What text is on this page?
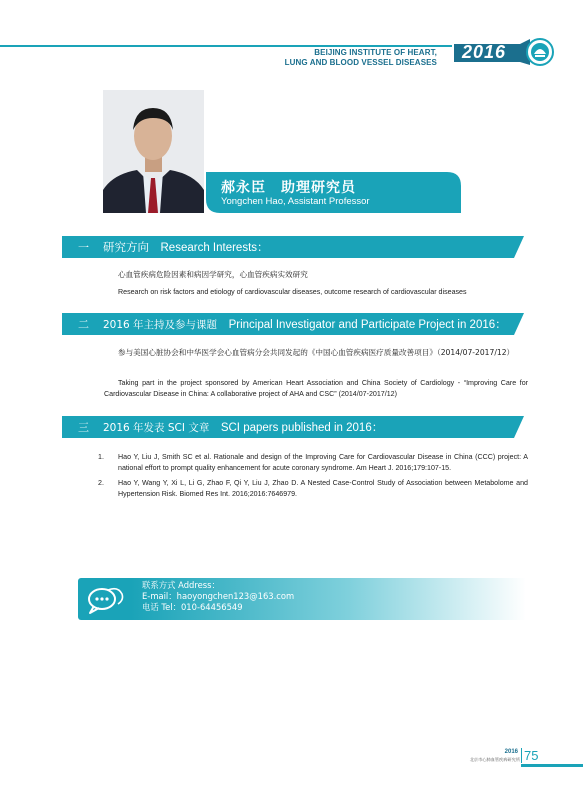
BEIJING INSTITUTE OF HEART,
LUNG AND BLOOD VESSEL DISEASES
2016
郝永臣　助理研究员
Yongchen Hao, Assistant Professor
一 研究方向　Research Interests：
心血管疾病危险因素和病因学研究，心血管疾病实效研究
Research on risk factors and etiology of cardiovascular diseases, outcome research of cardiovascular diseases
二 2016 年主持及参与课题  Principal Investigator and Participate Project in 2016：
参与美国心脏协会和中华医学会心血管病分会共同发起的《中国心血管疾病医疗质量改善项目》（2014/07-2017/12）
Taking part in the project sponsored by American Heart Association and China Society of Cardiology - “Improving Care for Cardiovascular Disease in China: A collaborative project of AHA and CSC” (2014/07-2017/12)
三 2016 年发表 SCI 文章  SCI papers published in 2016：
1. Hao Y, Liu J, Smith SC et al. Rationale and design of the Improving Care for Cardiovascular Disease in China (CCC) project: A national effort to prompt quality enhancement for acute coronary syndrome. Am Heart J. 2016;179:107-15.
2. Hao Y, Wang Y, Xi L, Li G, Zhao F, Qi Y, Liu J, Zhao D. A Nested Case-Control Study of Association between Metabolome and Hypertension Risk. Biomed Res Int. 2016;2016:7646979.
联系方式 Address：
E-mail：haoyongchen123@163.com
电话 Tel：010-64456549
2016
北京市心肺血管疾病研究所 75
